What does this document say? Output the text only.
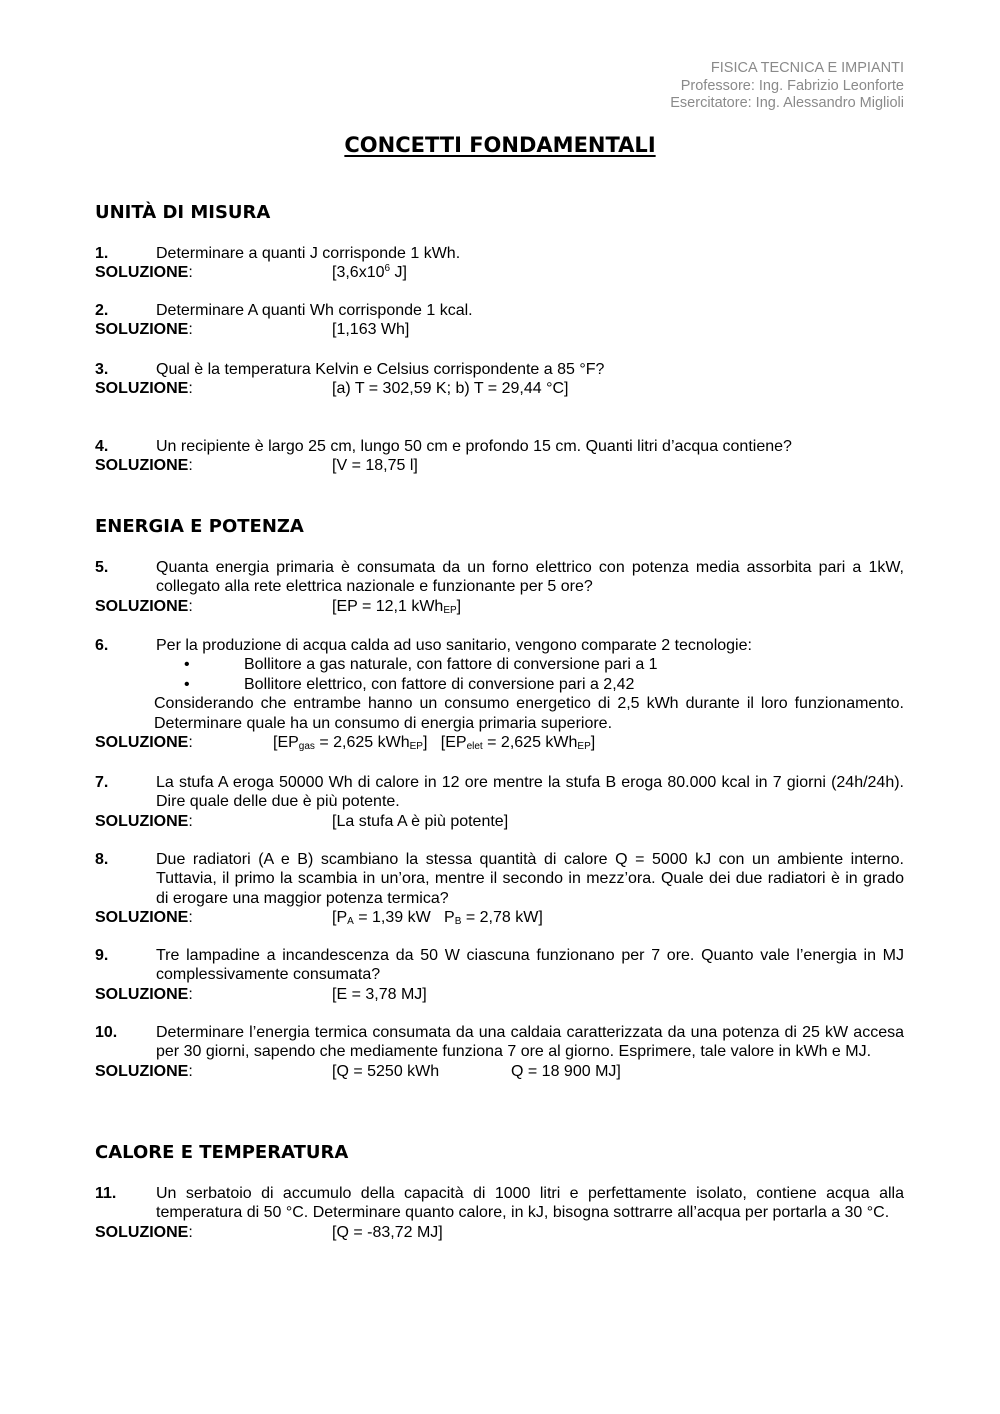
FISICA TECNICA E IMPIANTI
Professore: Ing. Fabrizio Leonforte
Esercitatore: Ing. Alessandro Miglioli
CONCETTI FONDAMENTALI
UNITÀ DI MISURA
1.	Determinare a quanti J corrisponde 1 kWh.
SOLUZIONE:	[$3,6x10^6$ J]
2.	Determinare A quanti Wh corrisponde 1 kcal.
SOLUZIONE:	[1,163 Wh]
3.	Qual è la temperatura Kelvin e Celsius corrispondente a 85 °F?
SOLUZIONE:	[a) T = 302,59 K; b) T = 29,44 °C]
4.	Un recipiente è largo 25 cm, lungo 50 cm e profondo 15 cm. Quanti litri d’acqua contiene?
SOLUZIONE:	[V = 18,75 l]
ENERGIA E POTENZA
5.	Quanta energia primaria è consumata da un forno elettrico con potenza media assorbita pari a 1kW, collegato alla rete elettrica nazionale e funzionante per 5 ore?
SOLUZIONE:	[EP = 12,1 kWh$_{EP}$]
6.	Per la produzione di acqua calda ad uso sanitario, vengono comparate 2 tecnologie:
•	Bollitore a gas naturale, con fattore di conversione pari a 1
•	Bollitore elettrico, con fattore di conversione pari a 2,42
Considerando che entrambe hanno un consumo energetico di 2,5 kWh durante il loro funzionamento. Determinare quale ha un consumo di energia primaria superiore.
SOLUZIONE:	[$EP_{gas} = 2,625$ kWh$_{EP}$]   [$EP_{elet} = 2,625$ kWh$_{EP}$]
7.	La stufa A eroga 50000 Wh di calore in 12 ore mentre la stufa B eroga 80.000 kcal in 7 giorni (24h/24h). Dire quale delle due è più potente.
SOLUZIONE:	[La stufa A è più potente]
8.	Due radiatori (A e B) scambiano la stessa quantità di calore Q = 5000 kJ con un ambiente interno. Tuttavia, il primo la scambia in un’ora, mentre il secondo in mezz’ora. Quale dei due radiatori è in grado di erogare una maggior potenza termica?
SOLUZIONE:	[$P_A = 1,39$ kW   $P_B = 2,78$ kW]
9.	Tre lampadine a incandescenza da 50 W ciascuna funzionano per 7 ore. Quanto vale l’energia in MJ complessivamente consumata?
SOLUZIONE:	[E = 3,78 MJ]
10. Determinare l’energia termica consumata da una caldaia caratterizzata da una potenza di 25 kW accesa per 30 giorni, sapendo che mediamente funziona 7 ore al giorno. Esprimere, tale valore in kWh e MJ.
SOLUZIONE:	[Q = 5250 kWh	Q = 18 900 MJ]
CALORE E TEMPERATURA
11. Un serbatoio di accumulo della capacità di 1000 litri e perfettamente isolato, contiene acqua alla temperatura di 50 °C. Determinare quanto calore, in kJ, bisogna sottrarre all’acqua per portarla a 30 °C.
SOLUZIONE:	[Q = -83,72 MJ]
